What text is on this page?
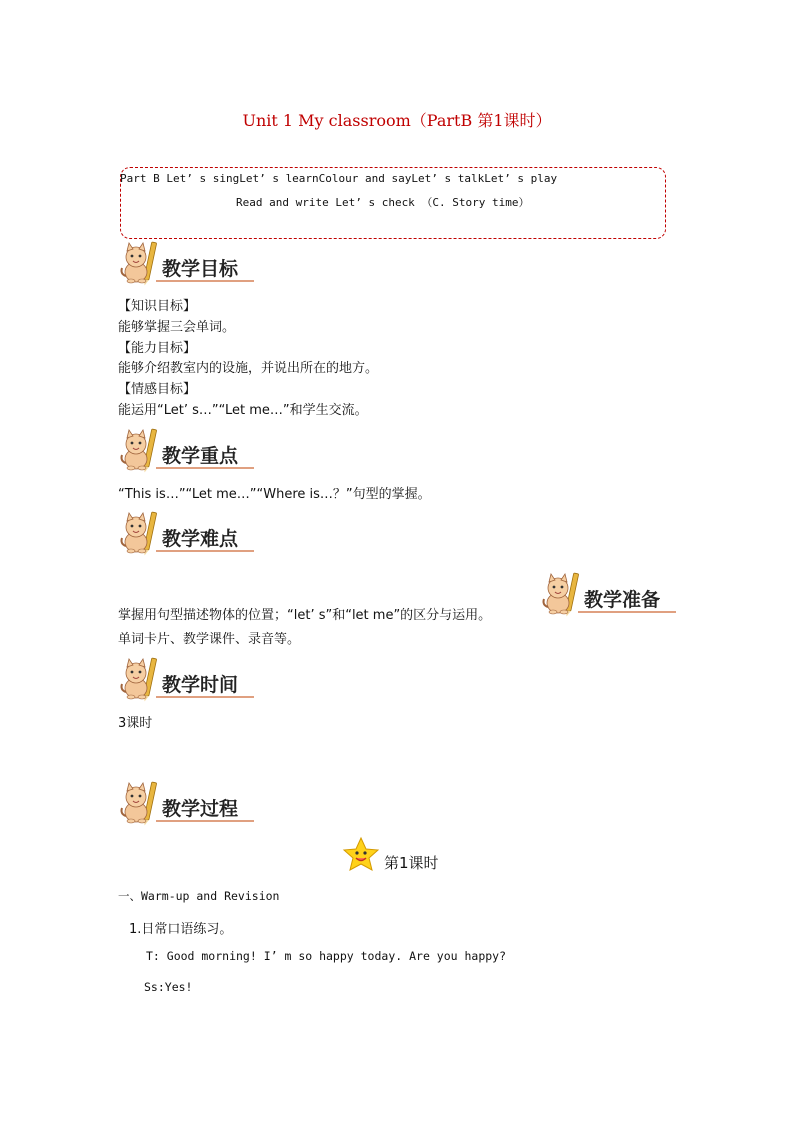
Unit 1 My classroom（PartB 第1课时）
Part B Let’ s singLet’ s learnColour and sayLet’ s talkLet’ s play
Read and write Let’ s check （C. Story time）
教学目标
【知识目标】
能够掌握三会单词。
【能力目标】
能够介绍教室内的设施，并说出所在的地方。
【情感目标】
能运用“Let’ s…”“Let me…”和学生交流。
教学重点
“This is…”“Let me…”“Where is…？”句型的掌握。
教学难点
掌握用句型描述物体的位置；“let’ s”和“let me”的区分与运用。
教学准备
单词卡片、教学课件、录音等。
教学时间
3课时
教学过程
第1课时
一、Warm-up and Revision
1.日常口语练习。
T: Good morning! I’ m so happy today. Are you happy?
Ss:Yes!
